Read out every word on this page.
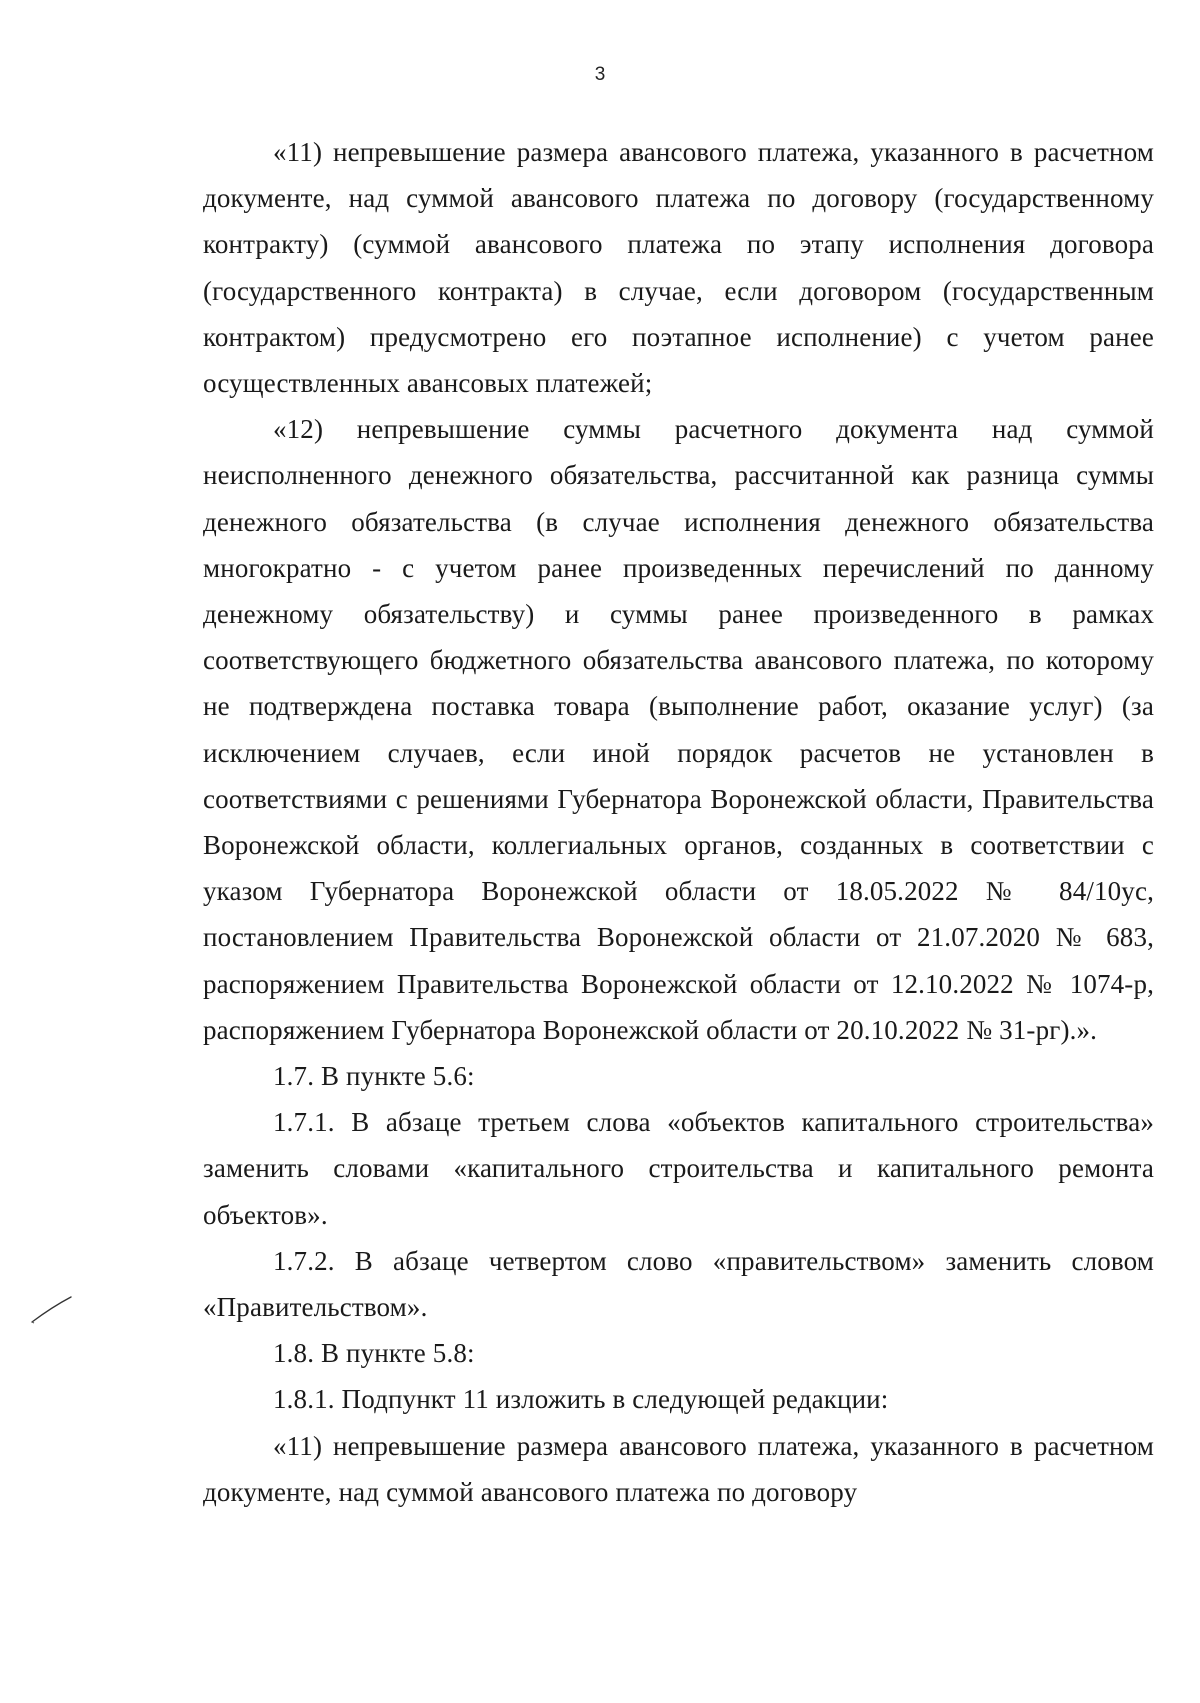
3

«11) непревышение размера авансового платежа, указанного в расчетном документе, над суммой авансового платежа по договору (государственному контракту) (суммой авансового платежа по этапу исполнения договора (государственного контракта) в случае, если договором (государственным контрактом) предусмотрено его поэтапное исполнение) с учетом ранее осуществленных авансовых платежей;

«12) непревышение суммы расчетного документа над суммой неисполненного денежного обязательства, рассчитанной как разница суммы денежного обязательства (в случае исполнения денежного обязательства многократно - с учетом ранее произведенных перечислений по данному денежному обязательству) и суммы ранее произведенного в рамках соответствующего бюджетного обязательства авансового платежа, по которому не подтверждена поставка товара (выполнение работ, оказание услуг) (за исключением случаев, если иной порядок расчетов не установлен в соответствиями с решениями Губернатора Воронежской области, Правительства Воронежской области, коллегиальных органов, созданных в соответствии с указом Губернатора Воронежской области от 18.05.2022 № 84/10ус, постановлением Правительства Воронежской области от 21.07.2020 № 683, распоряжением Правительства Воронежской области от 12.10.2022 № 1074-р, распоряжением Губернатора Воронежской области от 20.10.2022 № 31-рг).».

1.7. В пункте 5.6:

1.7.1. В абзаце третьем слова «объектов капитального строительства» заменить словами «капитального строительства и капитального ремонта объектов».

1.7.2. В абзаце четвертом слово «правительством» заменить словом «Правительством».

1.8. В пункте 5.8:

1.8.1. Подпункт 11 изложить в следующей редакции:

«11) непревышение размера авансового платежа, указанного в расчетном документе, над суммой авансового платежа по договору
